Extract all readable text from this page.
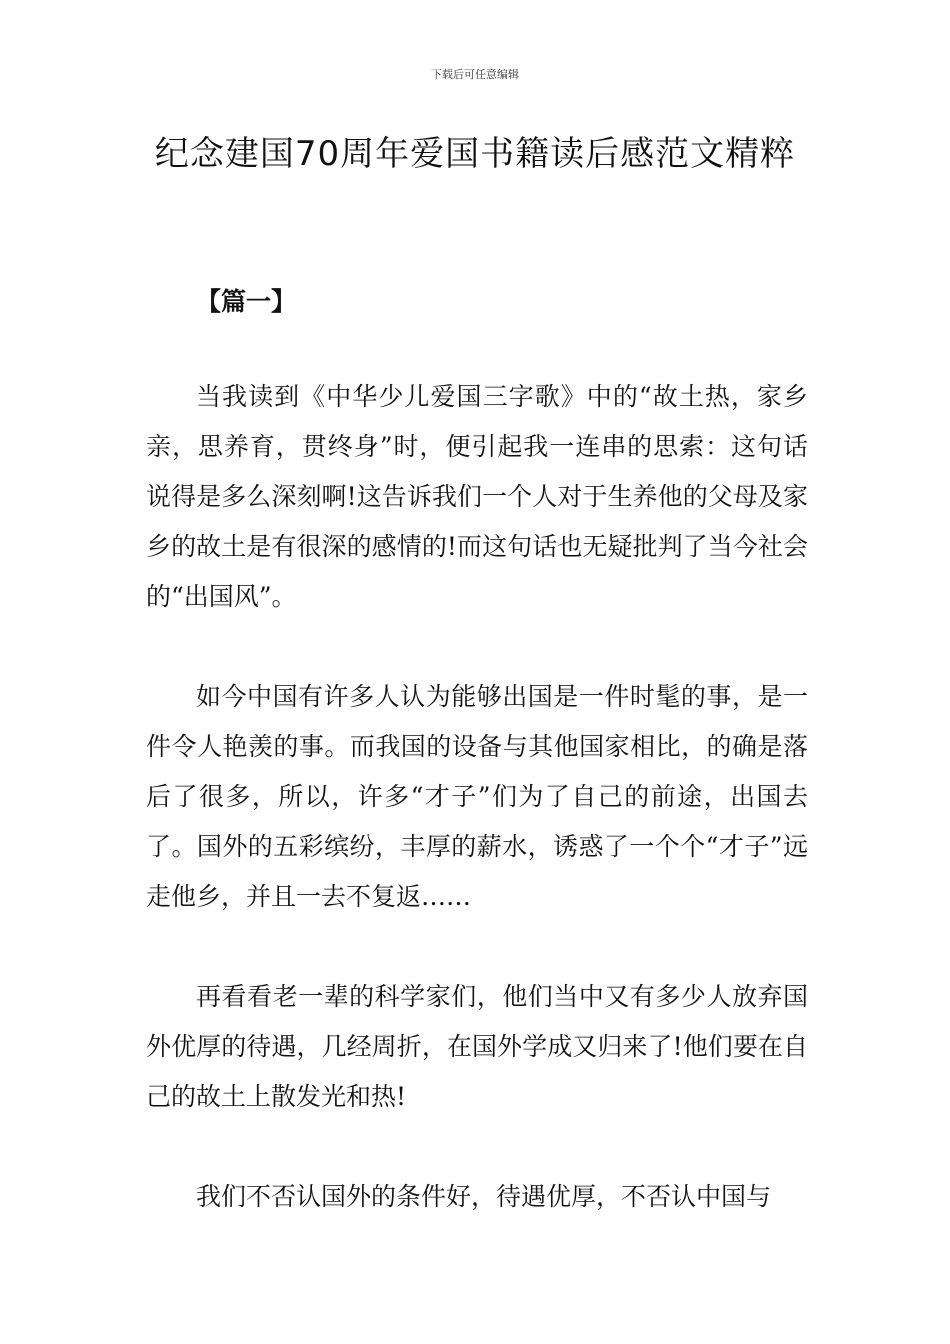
下载后可任意编辑
纪念建国70周年爱国书籍读后感范文精粹
【篇一】

当我读到《中华少儿爱国三字歌》中的“故土热，家乡亲，思养育，贯终身”时，便引起我一连串的思索：这句话说得是多么深刻啊!这告诉我们一个人对于生养他的父母及家乡的故土是有很深的感情的!而这句话也无疑批判了当今社会的“出国风”。

如今中国有许多人认为能够出国是一件时髦的事，是一件令人艳羡的事。而我国的设备与其他国家相比，的确是落后了很多，所以，许多“才子”们为了自己的前途，出国去了。国外的五彩缤纷，丰厚的薪水，诱惑了一个个“才子”远走他乡，并且一去不复返……

再看看老一辈的科学家们，他们当中又有多少人放弃国外优厚的待遇，几经周折，在国外学成又归来了!他们要在自己的故土上散发光和热!

我们不否认国外的条件好，待遇优厚，不否认中国与
